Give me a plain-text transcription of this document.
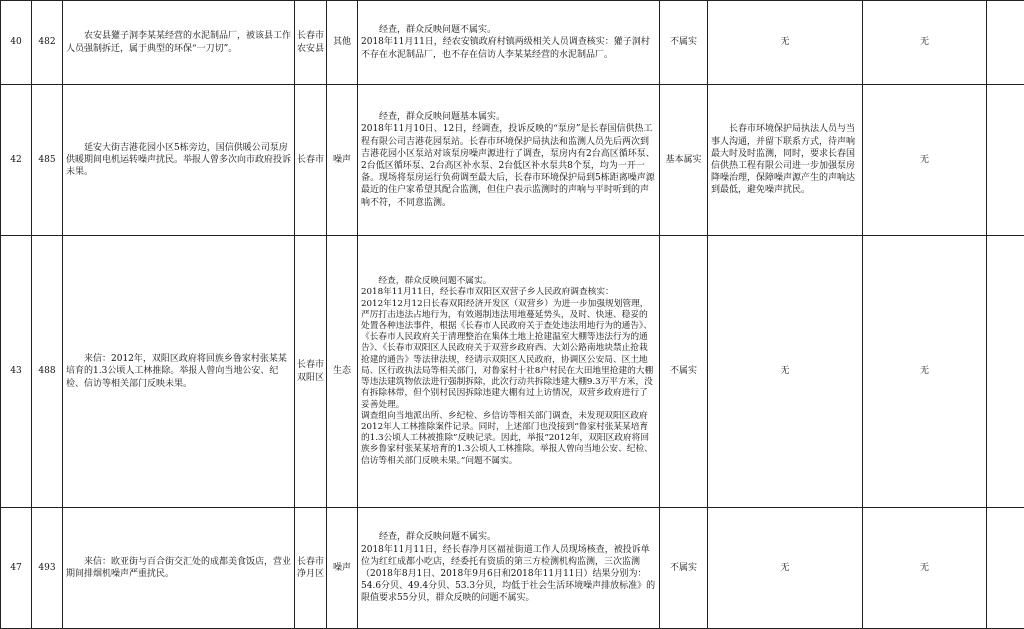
40	482	农安县獾子洞李某某经营的水泥制品厂，被该县工作人员强制拆迁，属于典型的环保“一刀切”。	长春市
农安县	其他	经查，群众反映问题不属实。
2018年11月11日，经农安镇政府村镇两级相关人员调查核实：獾子洞村不存在水泥制品厂，也不存在信访人李某某经营的水泥制品厂。	不属实	无	无	
42	485	延安大街吉港花园小区5栋旁边，国信供暖公司泵房供暖期间电机运转噪声扰民。举报人曾多次向市政府投诉未果。	长春市	噪声	经查，群众反映问题基本属实。
2018年11月10日、12日，经调查，投诉反映的“泵房”是长春国信供热工程有限公司吉港花园泵站。长春市环境保护局执法和监测人员先后两次到吉港花园小区泵站对该泵房噪声源进行了调查，泵房内有2台高区循环泵、2台低区循环泵、2台高区补水泵、2台低区补水泵共8个泵，均为一开一备。现场将泵房运行负荷调至最大后，长春市环境保护局到5栋距离噪声源最近的住户家希望其配合监测，但住户表示监测时的声响与平时听到的声响不符，不同意监测。	基本属实	长春市环境保护局执法人员与当事人沟通，并留下联系方式，待声响最大时及时监测，同时，要求长春国信供热工程有限公司进一步加强泵房降噪治理，保障噪声源产生的声响达到最低，避免噪声扰民。	无	
43	488	来信：2012年，双阳区政府将回族乡鲁家村张某某培育的1.3公顷人工林推除。举报人曾向当地公安、纪检、信访等相关部门反映未果。	长春市
双阳区	生态	经查，群众反映问题不属实。
2018年11月11日，经长春市双阳区双营子乡人民政府调查核实：
2012年12月12日长春双阳经济开发区（双营乡）为进一步加强规划管理，严厉打击违法占地行为，有效遏制违法用地蔓延势头，及时、快速、稳妥的处置各种违法事件，根据《长春市人民政府关于查处违法用地行为的通告》、《长春市人民政府关于清理整治在集体土地上抢建温室大棚等违法行为的通告》、《长春市双阳区人民政府关于双营乡政府西、大刘公路南地块禁止抢栽抢建的通告》等法律法规，经请示双阳区人民政府，协调区公安局、区土地局、区行政执法局等相关部门，对鲁家村十社8户村民在大田地里抢建的大棚等违法建筑物依法进行强制拆除，此次行动共拆除违建大棚9.3万平方米，没有拆除林带，但个别村民因拆除违建大棚有过上访情况，双营乡政府进行了妥善处理。
调查组向当地派出所、乡纪检、乡信访等相关部门调查，未发现双阳区政府2012年人工林推除案件记录。同时，上述部门也没接到“鲁家村张某某培育的1.3公顷人工林被推除”反映记录。因此，举报“2012年，双阳区政府将回族乡鲁家村张某某培育的1.3公顷人工林推除。举报人曾向当地公安、纪检、信访等相关部门反映未果。”问题不属实。	不属实	无	无	
47	493	来信：欧亚街与百合街交汇处的成都美食饭店，营业期间排烟机噪声严重扰民。	长春市
净月区	噪声	经查，群众反映问题不属实。
2018年11月11日，经长春净月区福祉街道工作人员现场核查，被投诉单位为红红成都小吃店，经委托有资质的第三方检测机构监测，三次监测（2018年8月1日、2018年9月6日和2018年11月11日）结果分别为：54.6分贝、49.4分贝、53.3分贝，均低于社会生活环境噪声排放标准》的限值要求55分贝，群众反映的问题不属实。	不属实	无	无	
